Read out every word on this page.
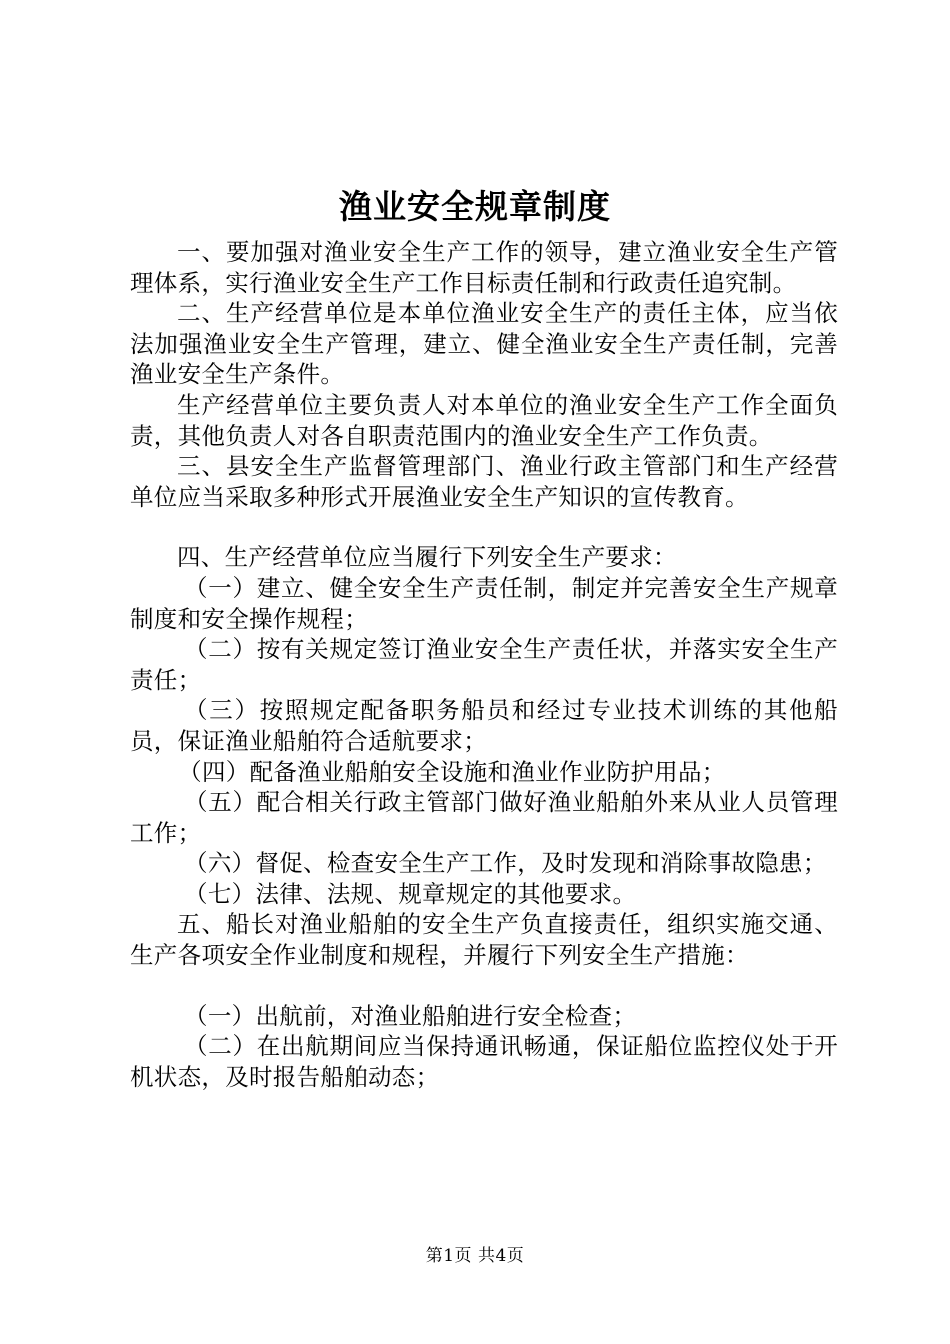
渔业安全规章制度

一、要加强对渔业安全生产工作的领导，建立渔业安全生产管理体系，实行渔业安全生产工作目标责任制和行政责任追究制。

二、生产经营单位是本单位渔业安全生产的责任主体，应当依法加强渔业安全生产管理，建立、健全渔业安全生产责任制，完善渔业安全生产条件。

生产经营单位主要负责人对本单位的渔业安全生产工作全面负责，其他负责人对各自职责范围内的渔业安全生产工作负责。

三、县安全生产监督管理部门、渔业行政主管部门和生产经营单位应当采取多种形式开展渔业安全生产知识的宣传教育。

四、生产经营单位应当履行下列安全生产要求：

（一）建立、健全安全生产责任制，制定并完善安全生产规章制度和安全操作规程；

（二）按有关规定签订渔业安全生产责任状，并落实安全生产责任；

（三）按照规定配备职务船员和经过专业技术训练的其他船员，保证渔业船舶符合适航要求；

（四）配备渔业船舶安全设施和渔业作业防护用品；

（五）配合相关行政主管部门做好渔业船舶外来从业人员管理工作；

（六）督促、检查安全生产工作，及时发现和消除事故隐患；

（七）法律、法规、规章规定的其他要求。

五、船长对渔业船舶的安全生产负直接责任，组织实施交通、生产各项安全作业制度和规程，并履行下列安全生产措施：

（一）出航前，对渔业船舶进行安全检查；

（二）在出航期间应当保持通讯畅通，保证船位监控仪处于开机状态，及时报告船舶动态；

第1页 共4页
